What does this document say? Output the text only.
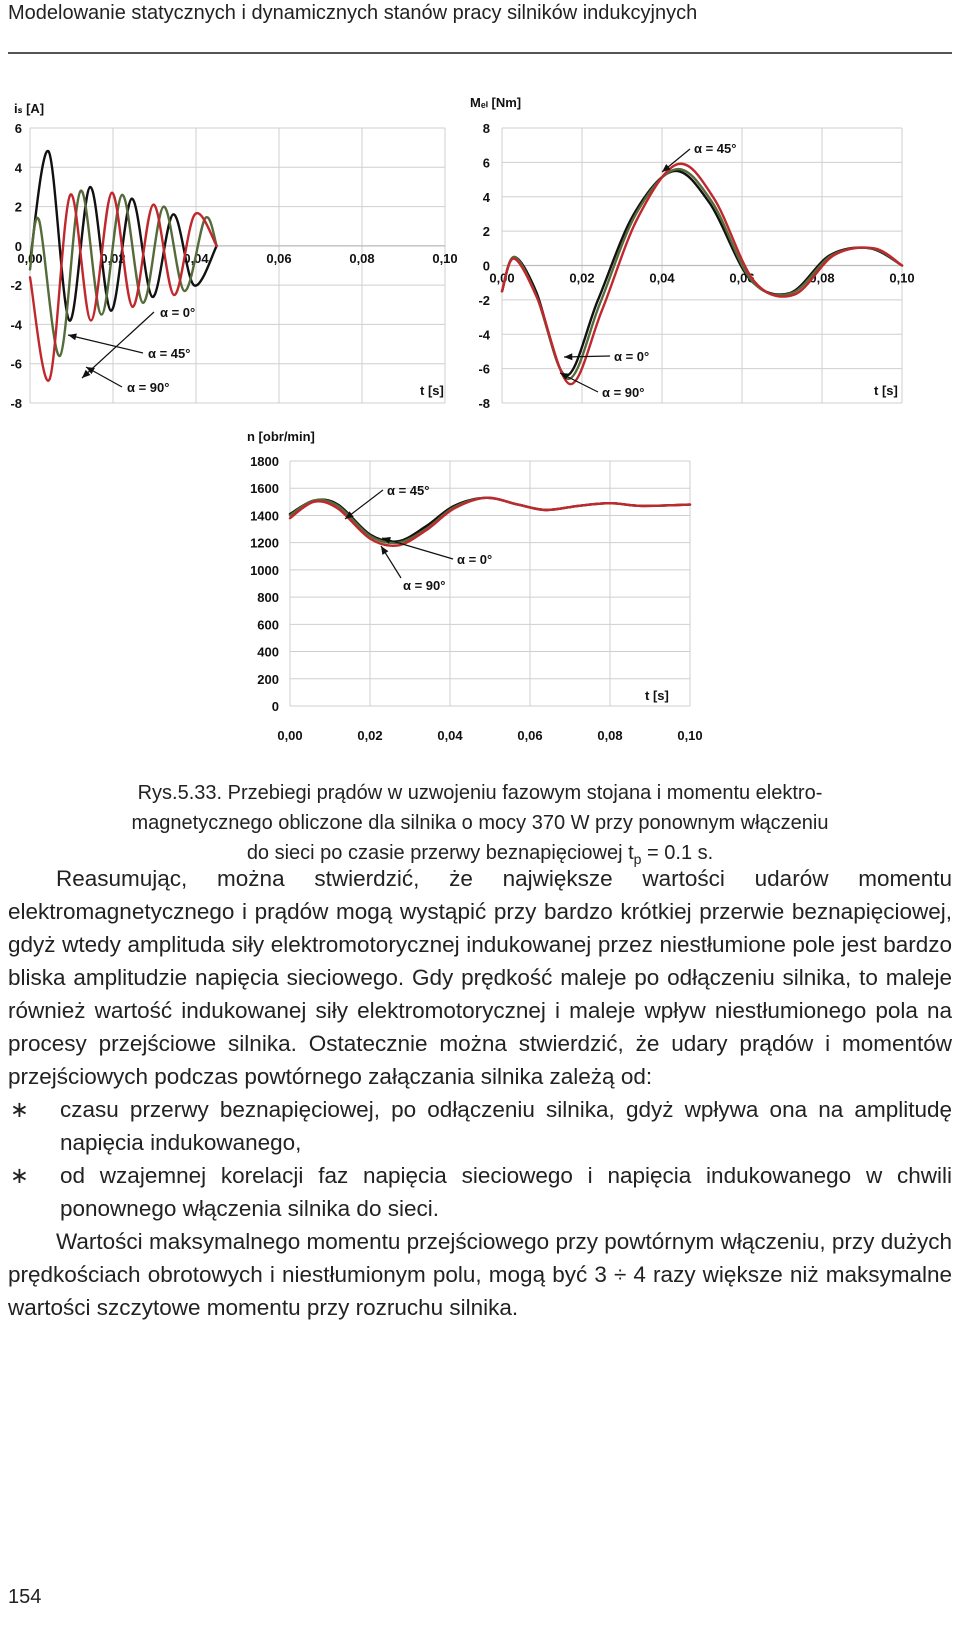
Modelowanie statycznych i dynamicznych stanów pracy silników indukcyjnych
6
4
2
0
-2
-4
-6
-8
0,00	0,02	0,04	0,06	0,08	0,10
iₛ [A]
t [s]
α = 0°
α = 45°
α = 90°
8
6
4
2
0
-2
-4
-6
-8
0,00	0,02	0,04	0,06	0,08	0,10
Mₑₗ [Nm]
t [s]
α = 45°
α = 0°
α = 90°
1800
1600
1400
1200
1000
800
600
400
200
0
0,00	0,02	0,04	0,06	0,08	0,10
n [obr/min]
t [s]
α = 45°
α = 0°
α = 90°

Rys.5.33. Przebiegi prądów w uzwojeniu fazowym stojana i momentu elektro-

magnetycznego obliczone dla silnika o mocy 370 W przy ponownym włączeniu

do sieci po czasie przerwy beznapięciowej $t_p = 0.1$ s.

Reasumując, można stwierdzić, że największe wartości udarów momentu elektromagnetycznego i prądów mogą wystąpić przy bardzo krótkiej przerwie beznapięciowej, gdyż wtedy amplituda siły elektromotorycznej indukowanej przez niestłumione pole jest bardzo bliska amplitudzie napięcia sieciowego. Gdy prędkość maleje po odłączeniu silnika, to maleje również wartość indukowanej siły elektromotorycznej i maleje wpływ niestłumionego pola na procesy przejściowe silnika. Ostatecznie można stwierdzić, że udary prądów i momentów przejściowych podczas powtórnego załączania silnika zależą od:

∗ czasu przerwy beznapięciowej, po odłączeniu silnika, gdyż wpływa ona na amplitudę napięcia indukowanego,

∗ od wzajemnej korelacji faz napięcia sieciowego i napięcia indukowanego w chwili ponownego włączenia silnika do sieci.

Wartości maksymalnego momentu przejściowego przy powtórnym włączeniu, przy dużych prędkościach obrotowych i niestłumionym polu, mogą być 3 ÷ 4 razy większe niż maksymalne wartości szczytowe momentu przy rozruchu silnika.

154
